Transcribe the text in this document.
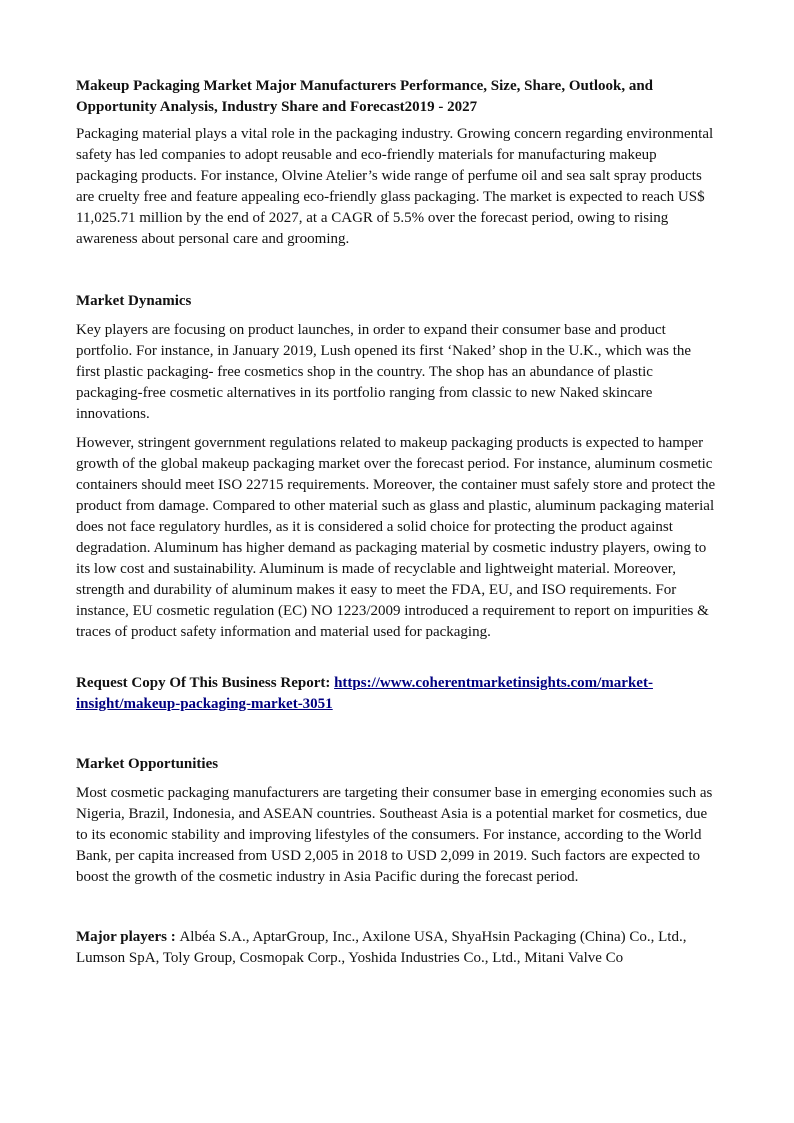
Makeup Packaging Market Major Manufacturers Performance, Size, Share, Outlook, and Opportunity Analysis, Industry Share and Forecast2019 - 2027

Packaging material plays a vital role in the packaging industry. Growing concern regarding environmental safety has led companies to adopt reusable and eco-friendly materials for manufacturing makeup packaging products. For instance, Olvine Atelier’s wide range of perfume oil and sea salt spray products are cruelty free and feature appealing eco-friendly glass packaging. The market is expected to reach US$ 11,025.71 million by the end of 2027, at a CAGR of 5.5% over the forecast period, owing to rising awareness about personal care and grooming.

Market Dynamics

Key players are focusing on product launches, in order to expand their consumer base and product portfolio. For instance, in January 2019, Lush opened its first ‘Naked’ shop in the U.K., which was the first plastic packaging- free cosmetics shop in the country. The shop has an abundance of plastic packaging-free cosmetic alternatives in its portfolio ranging from classic to new Naked skincare innovations.

However, stringent government regulations related to makeup packaging products is expected to hamper growth of the global makeup packaging market over the forecast period. For instance, aluminum cosmetic containers should meet ISO 22715 requirements. Moreover, the container must safely store and protect the product from damage. Compared to other material such as glass and plastic, aluminum packaging material does not face regulatory hurdles, as it is considered a solid choice for protecting the product against degradation. Aluminum has higher demand as packaging material by cosmetic industry players, owing to its low cost and sustainability. Aluminum is made of recyclable and lightweight material. Moreover, strength and durability of aluminum makes it easy to meet the FDA, EU, and ISO requirements. For instance, EU cosmetic regulation (EC) NO 1223/2009 introduced a requirement to report on impurities & traces of product safety information and material used for packaging.

Request Copy Of This Business Report: https://www.coherentmarketinsights.com/market-insight/makeup-packaging-market-3051

Market Opportunities

Most cosmetic packaging manufacturers are targeting their consumer base in emerging economies such as Nigeria, Brazil, Indonesia, and ASEAN countries. Southeast Asia is a potential market for cosmetics, due to its economic stability and improving lifestyles of the consumers. For instance, according to the World Bank, per capita increased from USD 2,005 in 2018 to USD 2,099 in 2019. Such factors are expected to boost the growth of the cosmetic industry in Asia Pacific during the forecast period.

Major players : Albéa S.A., AptarGroup, Inc., Axilone USA, ShyaHsin Packaging (China) Co., Ltd., Lumson SpA, Toly Group, Cosmopak Corp., Yoshida Industries Co., Ltd., Mitani Valve Co
